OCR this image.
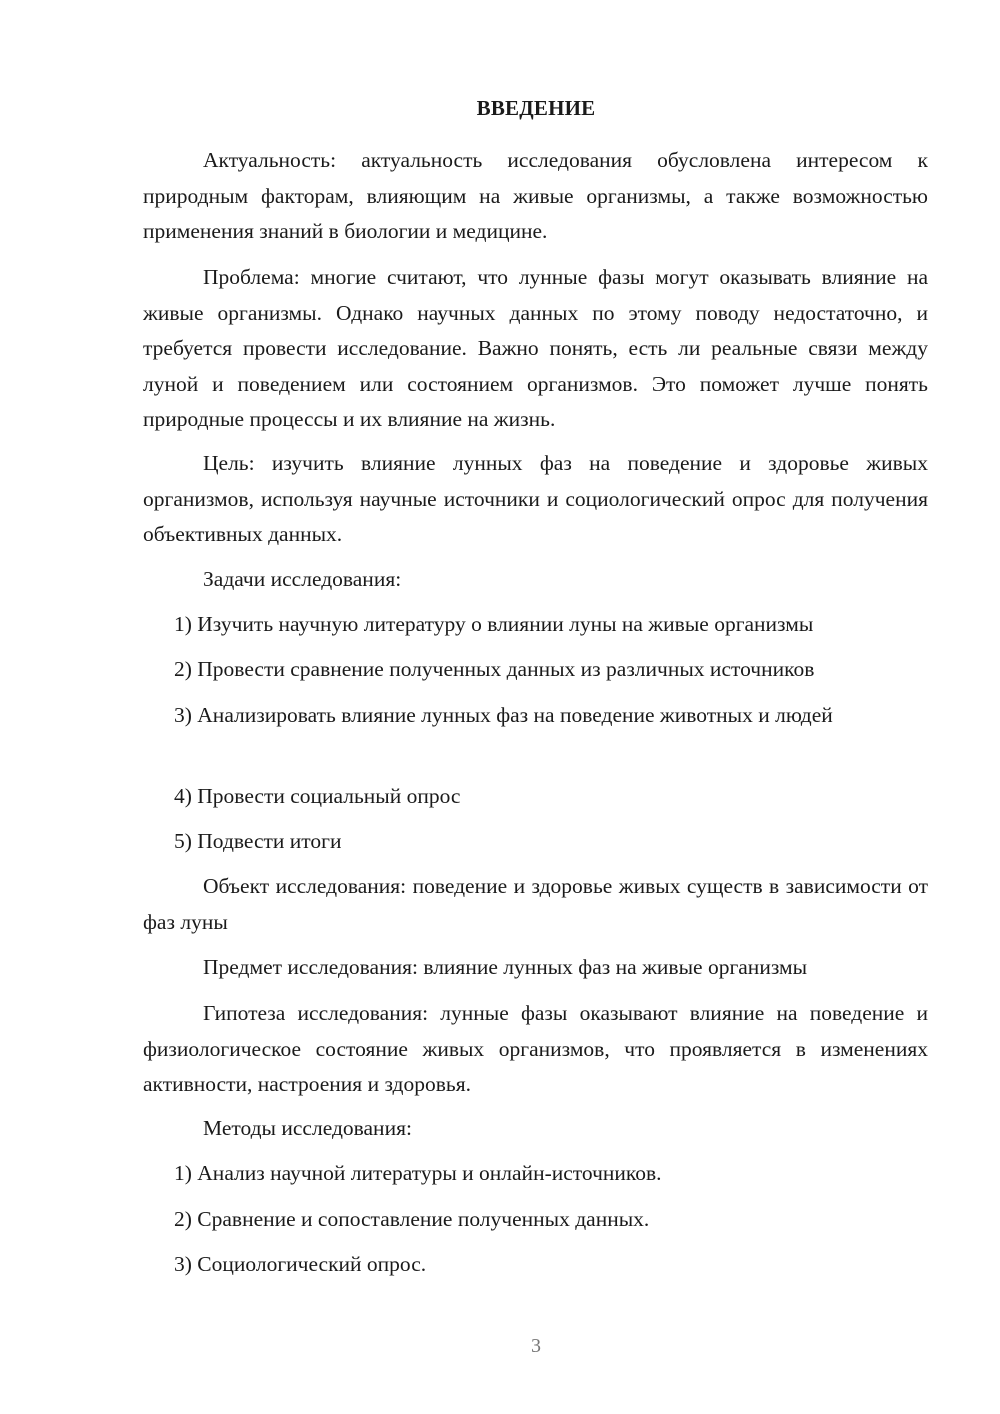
ВВЕДЕНИЕ

Актуальность: актуальность исследования обусловлена интересом к природным факторам, влияющим на живые организмы, а также возможностью применения знаний в биологии и медицине.

Проблема: многие считают, что лунные фазы могут оказывать влияние на живые организмы. Однако научных данных по этому поводу недостаточно, и требуется провести исследование. Важно понять, есть ли реальные связи между луной и поведением или состоянием организмов. Это поможет лучше понять природные процессы и их влияние на жизнь.

Цель: изучить влияние лунных фаз на поведение и здоровье живых организмов, используя научные источники и социологический опрос для получения объективных данных.

Задачи исследования:

1) Изучить научную литературу о влиянии луны на живые организмы

2) Провести сравнение полученных данных из различных источников

3) Анализировать влияние лунных фаз на поведение животных и людей

4) Провести социальный опрос

5) Подвести итоги

Объект исследования: поведение и здоровье живых существ в зависимости от фаз луны

Предмет исследования: влияние лунных фаз на живые организмы

Гипотеза исследования: лунные фазы оказывают влияние на поведение и физиологическое состояние живых организмов, что проявляется в изменениях активности, настроения и здоровья.

Методы исследования:

1) Анализ научной литературы и онлайн-источников.

2) Сравнение и сопоставление полученных данных.

3) Социологический опрос.

3
